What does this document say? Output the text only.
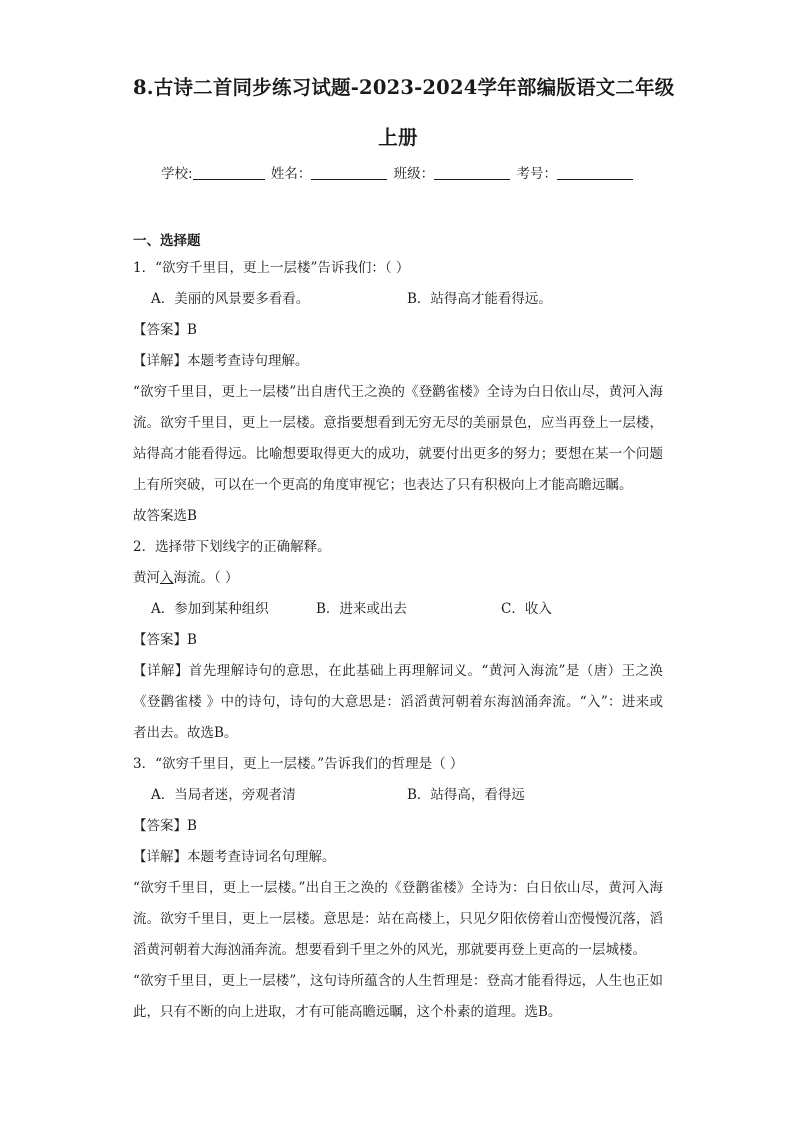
8.古诗二首同步练习试题-2023-2024学年部编版语文二年级
上册
学校:	姓名：	班级：	考号：

一、选择题

1．“欲穷千里目，更上一层楼”告诉我们：（ ）

A．美丽的风景要多看看。	B．站得高才能看得远。

【答案】B

【详解】本题考查诗句理解。

“欲穷千里目，更上一层楼”出自唐代王之涣的《登鹳雀楼》全诗为白日依山尽，黄河入海流。欲穷千里目，更上一层楼。意指要想看到无穷无尽的美丽景色，应当再登上一层楼，站得高才能看得远。比喻想要取得更大的成功，就要付出更多的努力；要想在某一个问题上有所突破，可以在一个更高的角度审视它；也表达了只有积极向上才能高瞻远瞩。

故答案选B

2．选择带下划线字的正确解释。

黄河入海流。（ ）

A．参加到某种组织	B．进来或出去	C．收入

【答案】B

【详解】首先理解诗句的意思，在此基础上再理解词义。“黄河入海流”是（唐）王之涣《登鹳雀楼 》中的诗句，诗句的大意思是：滔滔黄河朝着东海汹涌奔流。“入”：进来或者出去。故选B。

3．“欲穷千里目，更上一层楼。”告诉我们的哲理是（ ）

A．当局者迷，旁观者清	B．站得高，看得远

【答案】B

【详解】本题考查诗词名句理解。

“欲穷千里目，更上一层楼。”出自王之涣的《登鹳雀楼》全诗为：白日依山尽，黄河入海流。欲穷千里目，更上一层楼。意思是：站在高楼上，只见夕阳依傍着山峦慢慢沉落，滔滔黄河朝着大海汹涌奔流。想要看到千里之外的风光，那就要再登上更高的一层城楼。

“欲穷千里目，更上一层楼”，这句诗所蕴含的人生哲理是：登高才能看得远，人生也正如此，只有不断的向上进取，才有可能高瞻远瞩，这个朴素的道理。选B。
